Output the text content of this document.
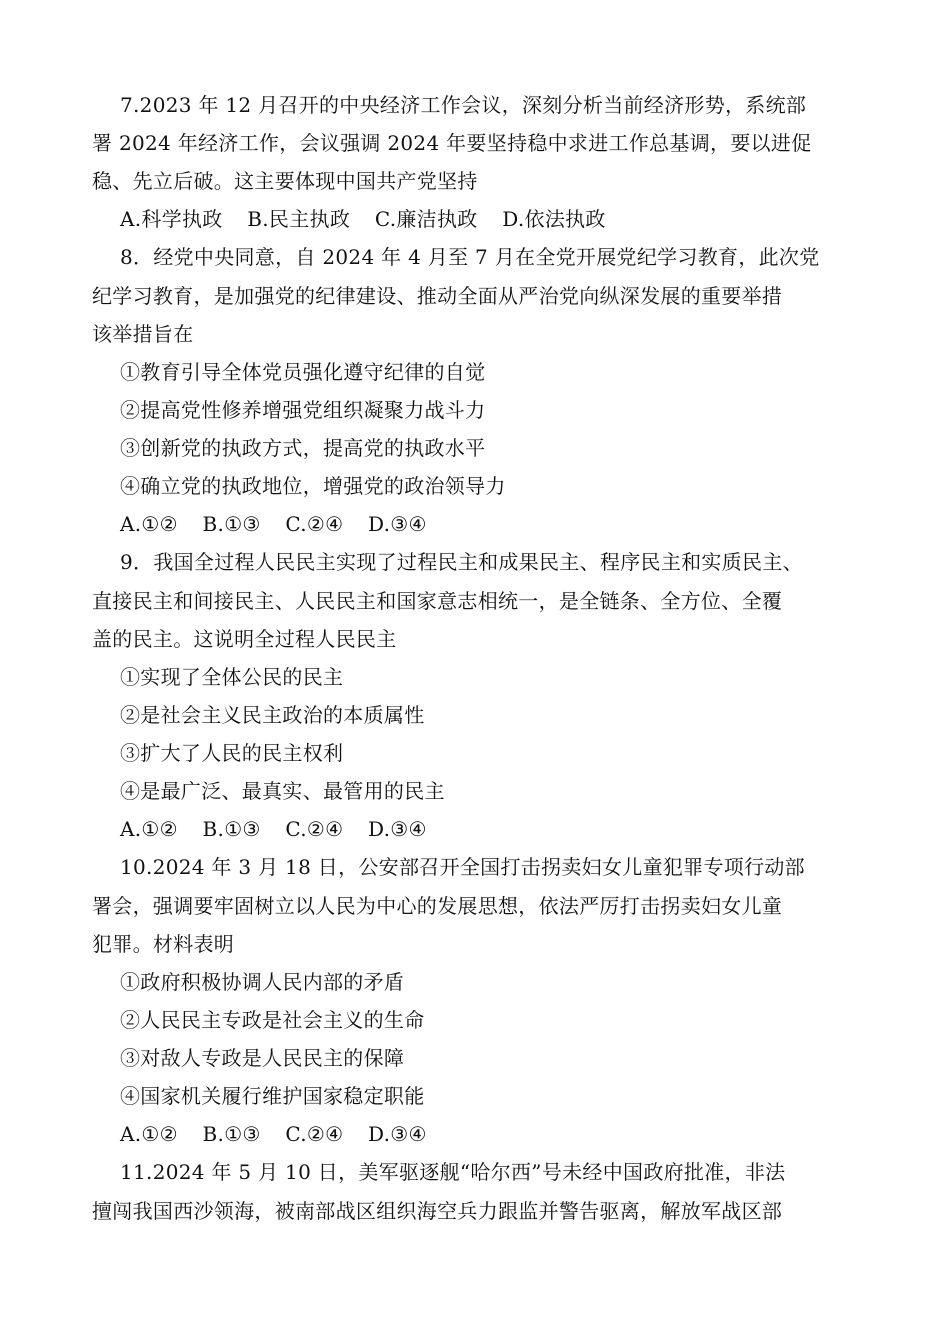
7.2023 年 12 月召开的中央经济工作会议，深刻分析当前经济形势，系统部
署 2024 年经济工作，会议强调 2024 年要坚持稳中求进工作总基调，要以进促
稳、先立后破。这主要体现中国共产党坚持
A.科学执政 B.民主执政 C.廉洁执政 D.依法执政
8．经党中央同意，自 2024 年 4 月至 7 月在全党开展党纪学习教育，此次党
纪学习教育，是加强党的纪律建设、推动全面从严治党向纵深发展的重要举措
该举措旨在
①教育引导全体党员强化遵守纪律的自觉
②提高党性修养增强党组织凝聚力战斗力
③创新党的执政方式，提高党的执政水平
④确立党的执政地位，增强党的政治领导力
A.①② B.①③ C.②④ D.③④
9．我国全过程人民民主实现了过程民主和成果民主、程序民主和实质民主、
直接民主和间接民主、人民民主和国家意志相统一，是全链条、全方位、全覆
盖的民主。这说明全过程人民民主
①实现了全体公民的民主
②是社会主义民主政治的本质属性
③扩大了人民的民主权利
④是最广泛、最真实、最管用的民主
A.①② B.①③ C.②④ D.③④
10.2024 年 3 月 18 日，公安部召开全国打击拐卖妇女儿童犯罪专项行动部
署会，强调要牢固树立以人民为中心的发展思想，依法严厉打击拐卖妇女儿童
犯罪。材料表明
①政府积极协调人民内部的矛盾
②人民民主专政是社会主义的生命
③对敌人专政是人民民主的保障
④国家机关履行维护国家稳定职能
A.①② B.①③ C.②④ D.③④
11.2024 年 5 月 10 日，美军驱逐舰“哈尔西”号未经中国政府批准，非法
擅闯我国西沙领海，被南部战区组织海空兵力跟监并警告驱离，解放军战区部
